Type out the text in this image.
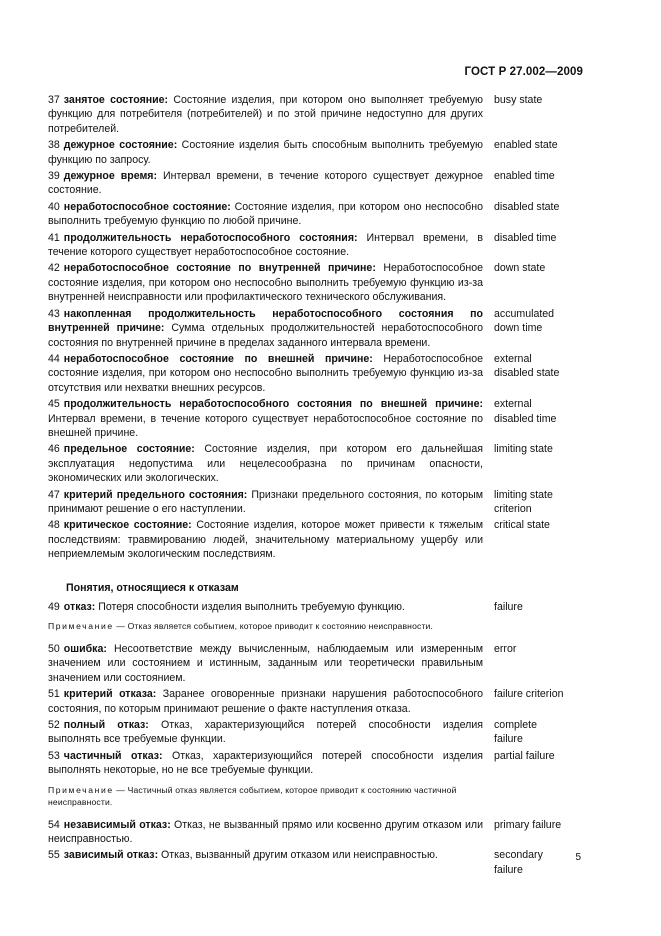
ГОСТ Р 27.002—2009
37 занятое состояние: Состояние изделия, при котором оно выполняет требуемую функцию для потребителя (потребителей) и по этой причине недоступно для других потребителей.
busy state
38 дежурное состояние: Состояние изделия быть способным выполнить требуемую функцию по запросу.
enabled state
39 дежурное время: Интервал времени, в течение которого существует дежурное состояние.
enabled time
40 неработоспособное состояние: Состояние изделия, при котором оно неспособно выполнить требуемую функцию по любой причине.
disabled state
41 продолжительность неработоспособного состояния: Интервал времени, в течение которого существует неработоспособное состояние.
disabled time
42 неработоспособное состояние по внутренней причине: Неработоспособное состояние изделия, при котором оно неспособно выполнить требуемую функцию из-за внутренней неисправности или профилактического технического обслуживания.
down state
43 накопленная продолжительность неработоспособного состояния по внутренней причине: Сумма отдельных продолжительностей неработоспособного состояния по внутренней причине в пределах заданного интервала времени.
accumulated
down time
44 неработоспособное состояние по внешней причине: Неработоспособное состояние изделия, при котором оно неспособно выполнить требуемую функцию из-за отсутствия или нехватки внешних ресурсов.
external
disabled state
45 продолжительность неработоспособного состояния по внешней причине: Интервал времени, в течение которого существует неработоспособное состояние по внешней причине.
external
disabled time
46 предельное состояние: Состояние изделия, при котором его дальнейшая эксплуатация недопустима или нецелесообразна по причинам опасности, экономических или экологических.
limiting state
47 критерий предельного состояния: Признаки предельного состояния, по которым принимают решение о его наступлении.
limiting state
criterion
48 критическое состояние: Состояние изделия, которое может привести к тяжелым последствиям: травмированию людей, значительному материальному ущербу или неприемлемым экологическим последствиям.
critical state
Понятия, относящиеся к отказам
49 отказ: Потеря способности изделия выполнить требуемую функцию.	failure
Примечание — Отказ является событием, которое приводит к состоянию неисправности.
50 ошибка: Несоответствие между вычисленным, наблюдаемым или измеренным значением или состоянием и истинным, заданным или теоретически правильным значением или состоянием.
error
51 критерий отказа: Заранее оговоренные признаки нарушения работоспособного состояния, по которым принимают решение о факте наступления отказа.
failure criterion
52 полный отказ: Отказ, характеризующийся потерей способности изделия выполнять все требуемые функции.
complete
failure
53 частичный отказ: Отказ, характеризующийся потерей способности изделия выполнять некоторые, но не все требуемые функции.
partial failure
Примечание — Частичный отказ является событием, которое приводит к состоянию частичной неисправности.
54 независимый отказ: Отказ, не вызванный прямо или косвенно другим отказом или неисправностью.
primary failure
55 зависимый отказ: Отказ, вызванный другим отказом или неисправностью.	secondary
failure
5
